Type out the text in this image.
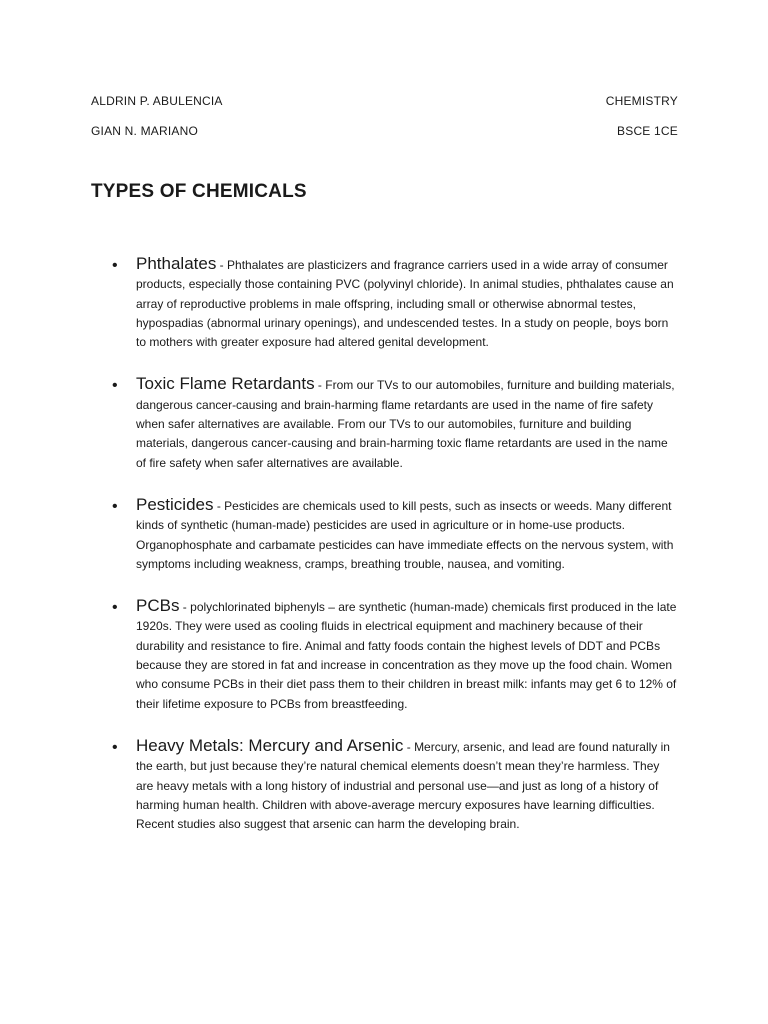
ALDRIN P. ABULENCIA	CHEMISTRY
GIAN N. MARIANO	BSCE 1CE
TYPES OF CHEMICALS
• Phthalates - Phthalates are plasticizers and fragrance carriers used in a wide array of consumer products, especially those containing PVC (polyvinyl chloride). In animal studies, phthalates cause an array of reproductive problems in male offspring, including small or otherwise abnormal testes, hypospadias (abnormal urinary openings), and undescended testes. In a study on people, boys born to mothers with greater exposure had altered genital development.
• Toxic Flame Retardants - From our TVs to our automobiles, furniture and building materials, dangerous cancer-causing and brain-harming flame retardants are used in the name of fire safety when safer alternatives are available. From our TVs to our automobiles, furniture and building materials, dangerous cancer-causing and brain-harming toxic flame retardants are used in the name of fire safety when safer alternatives are available.
• Pesticides - Pesticides are chemicals used to kill pests, such as insects or weeds. Many different kinds of synthetic (human-made) pesticides are used in agriculture or in home-use products. Organophosphate and carbamate pesticides can have immediate effects on the nervous system, with symptoms including weakness, cramps, breathing trouble, nausea, and vomiting.
• PCBs - polychlorinated biphenyls – are synthetic (human-made) chemicals first produced in the late 1920s. They were used as cooling fluids in electrical equipment and machinery because of their durability and resistance to fire. Animal and fatty foods contain the highest levels of DDT and PCBs because they are stored in fat and increase in concentration as they move up the food chain. Women who consume PCBs in their diet pass them to their children in breast milk: infants may get 6 to 12% of their lifetime exposure to PCBs from breastfeeding.
• Heavy Metals: Mercury and Arsenic - Mercury, arsenic, and lead are found naturally in the earth, but just because they’re natural chemical elements doesn’t mean they’re harmless. They are heavy metals with a long history of industrial and personal use—and just as long of a history of harming human health. Children with above-average mercury exposures have learning difficulties. Recent studies also suggest that arsenic can harm the developing brain.
